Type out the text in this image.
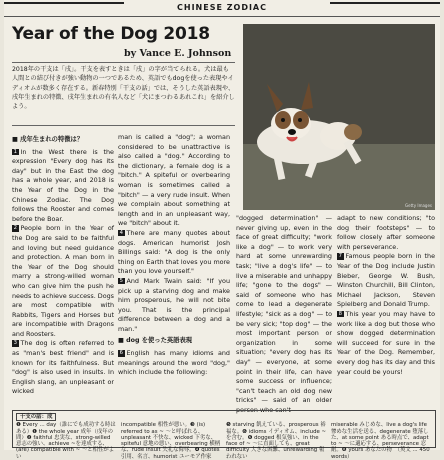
CHINESE ZODIAC
Year of the Dog 2018
by Vance E. Johnson
2018年の干支は「戌」。干支を表すときは「戌」の字が当てられる。犬は最も人間との結び付きが強い動物の一つであるため、英語でもdogを使った表現やイディオムが数多く存在する。新春特別「干支の話」では、そうした英語表現や、戌年生まれの特徴、戌年生まれの有名人など「犬にまつわるあれこれ」を紹介しよう。
Getty Images
■ 戌年生まれの特徴は？

1 In the West there is the expression "Every dog has its day" but in the East the dog has a whole year, and 2018 is the Year of the Dog in the Chinese Zodiac. The Dog follows the Rooster and comes before the Boar.

2 People born in the Year of the Dog are said to be faithful and loving but need guidance and protection. A man born in the Year of the Dog should marry a strong-willed woman who can give him the push he needs to achieve success. Dogs are most compatible with Rabbits, Tigers and Horses but are incompatible with Dragons and Roosters.

3 The dog is often referred to as "man's best friend" and is known for its faithfulness. But "dog" is also used in insults. In English slang, an unpleasant or wicked

man is called a "dog"; a woman considered to be unattractive is also called a "dog." According to the dictionary, a female dog is a "bitch." A spiteful or overbearing woman is sometimes called a "bitch" — a very rude insult. When we complain about something at length and in an unpleasant way, we "bitch" about it.

4 There are many quotes about dogs. American humorist Josh Billings said: "A dog is the only thing on Earth that loves you more than you love yourself."

5 And Mark Twain said: "If you pick up a starving dog and make him prosperous, he will not bite you. That is the principal difference between a dog and a man."

■ dog を使った英語表現

6 English has many idioms and meanings around the word "dog," which include the following:

"dogged determination" — never giving up, even in the face of great difficulty; "work like a dog" — to work very hard at some unrewarding task; "live a dog's life" — to live a miserable and unhappy life; "gone to the dogs" — said of someone who has come to lead a degenerate lifestyle; "sick as a dog" — to be very sick; "top dog" — the most important person or organization in some situation; "every dog has its day" — everyone, at some point in their life, can have some success or influence; "can't teach an old dog new tricks" — said of an older person who can't

adapt to new conditions; "to dog their footsteps" — to follow closely after someone with perseverance.

7 Famous people born in the Year of the Dog include Justin Bieber, George W. Bush, Winston Churchill, Bill Clinton, Michael Jackson, Steven Spielberg and Donald Trump.

8 This year you may have to work like a dog but those who show dogged determination will succeed for sure in the Year of the Dog. Remember, every dog has its day and this year could be yours!

干支の話：成
❶ Every ... day（誰にでも成功する時はある）❶ the whole year 成年（戌年の間）❷ faithful 忠実な、strong-willed 意志の強い、achieve ~を達成する、(are) compatible with ~ ～と相性がよい
incompatible 相性が悪い。❸ (is) referred to as ~ ～と呼ばれる、unpleasant 不快な、wicked 下劣な、spiteful 意地の悪い、overbearing 横柄な、rude insult 失礼な侮辱。❹ quotes 引用、名言、humorist ユーモア作家
❺ starving 飢えている、prosperous 裕福な。❻ idioms イディオム、include ~を含む。❻ dogged 根気強い、in the face of ~ ～に直面しても、great difficulty 大きな困難、unrewarding 報われない
miserable みじめな、live a dog's life 惨めな生活を送る、degenerate 堕落した、at some point ある時点で、adapt to ~ ～に適応する、perseverance 忍耐。❽ yours あなたの物　（英文 ... 450 words）
